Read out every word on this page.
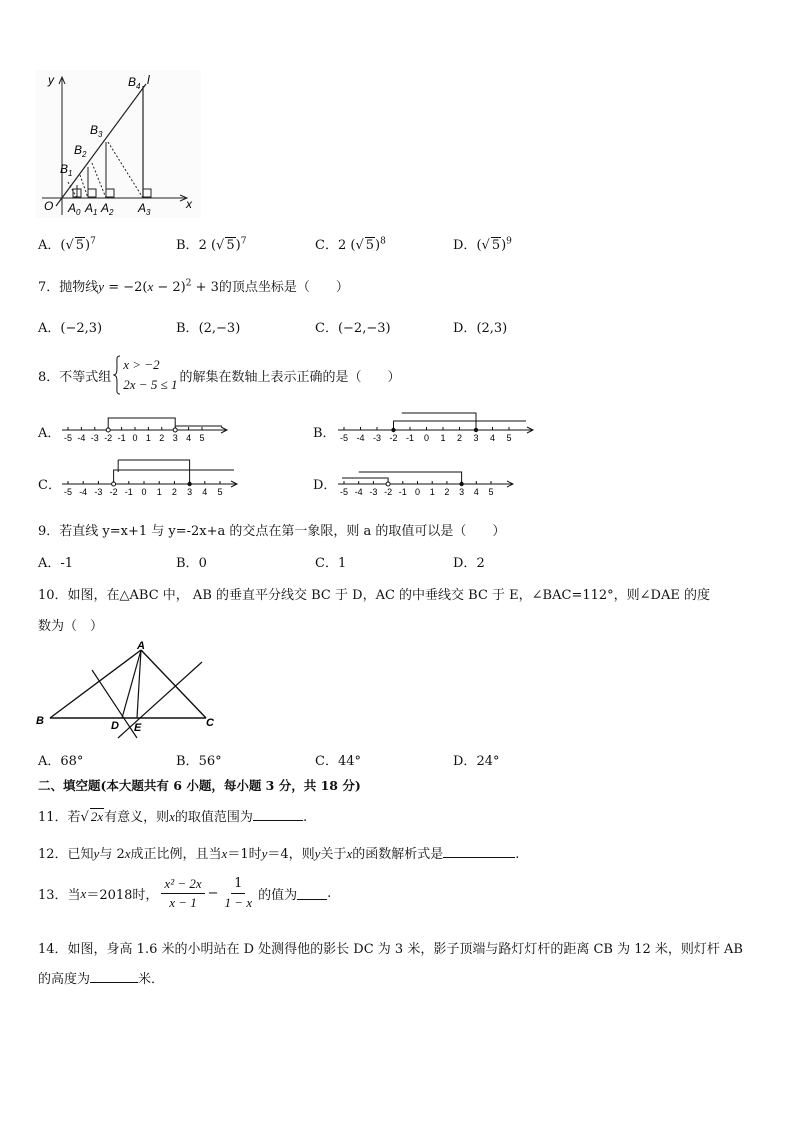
y
x
O
l
$B_4$
$B_3$
$B_2$
$B_1$
$A_0$ $A_1$ $A_2$ $A_3$
A．(√ 5)$^7$	B．2 (√ 5)$^7$	C．2 (√ 5)$^8$	D．(√ 5)$^9$
7．抛物线$y = -2(x - 2)^2 + 3$的顶点坐标是（　　）
A．(−2,3)	B．(2,−3)	C．(−2,−3)	D．(2,3)
8．不等式组
x > −2
2x − 5 ≤ 1 的解集在数轴上表示正确的是（　　）
A．	B．
C．	D．
-5 -4 -3 -2 -1 0 1 2 3 4 5	-5 -4 -3 -2 -1 0 1 2 3 4 5
-5 -4 -3 -2 -1 0 1 2 3 4 5	-5 -4 -3 -2 -1 0 1 2 3 4 5
9．若直线 y=x+1 与 y=-2x+a 的交点在第一象限，则 a 的取值可以是（　　）
A．-1	B．0	C．1	D．2
10．如图，在△ABC 中， AB 的垂直平分线交 BC 于 D，AC 的中垂线交 BC 于 E，∠BAC=112°，则∠DAE 的度
数为（　）
A
B	C
D E
A．68°	B．56°	C．44°	D．24°
二、填空题(本大题共有 6 小题，每小题 3 分，共 18 分)
11．若√ 2x有意义，则x的取值范围为	.
12．已知y与 2x成正比例，且当x＝1时y＝4，则y关于x的函数解析式是	.
13．当 x ＝2018时， $\frac{\text{x² − 2x}}{x - 1} - \frac{1}{1 - x}$ 的值为 .
14．如图，身高 1.6 米的小明站在 D 处测得他的影长 DC 为 3 米，影子顶端与路灯灯杆的距离 CB 为 12 米，则灯杆 AB
的高度为	米．
